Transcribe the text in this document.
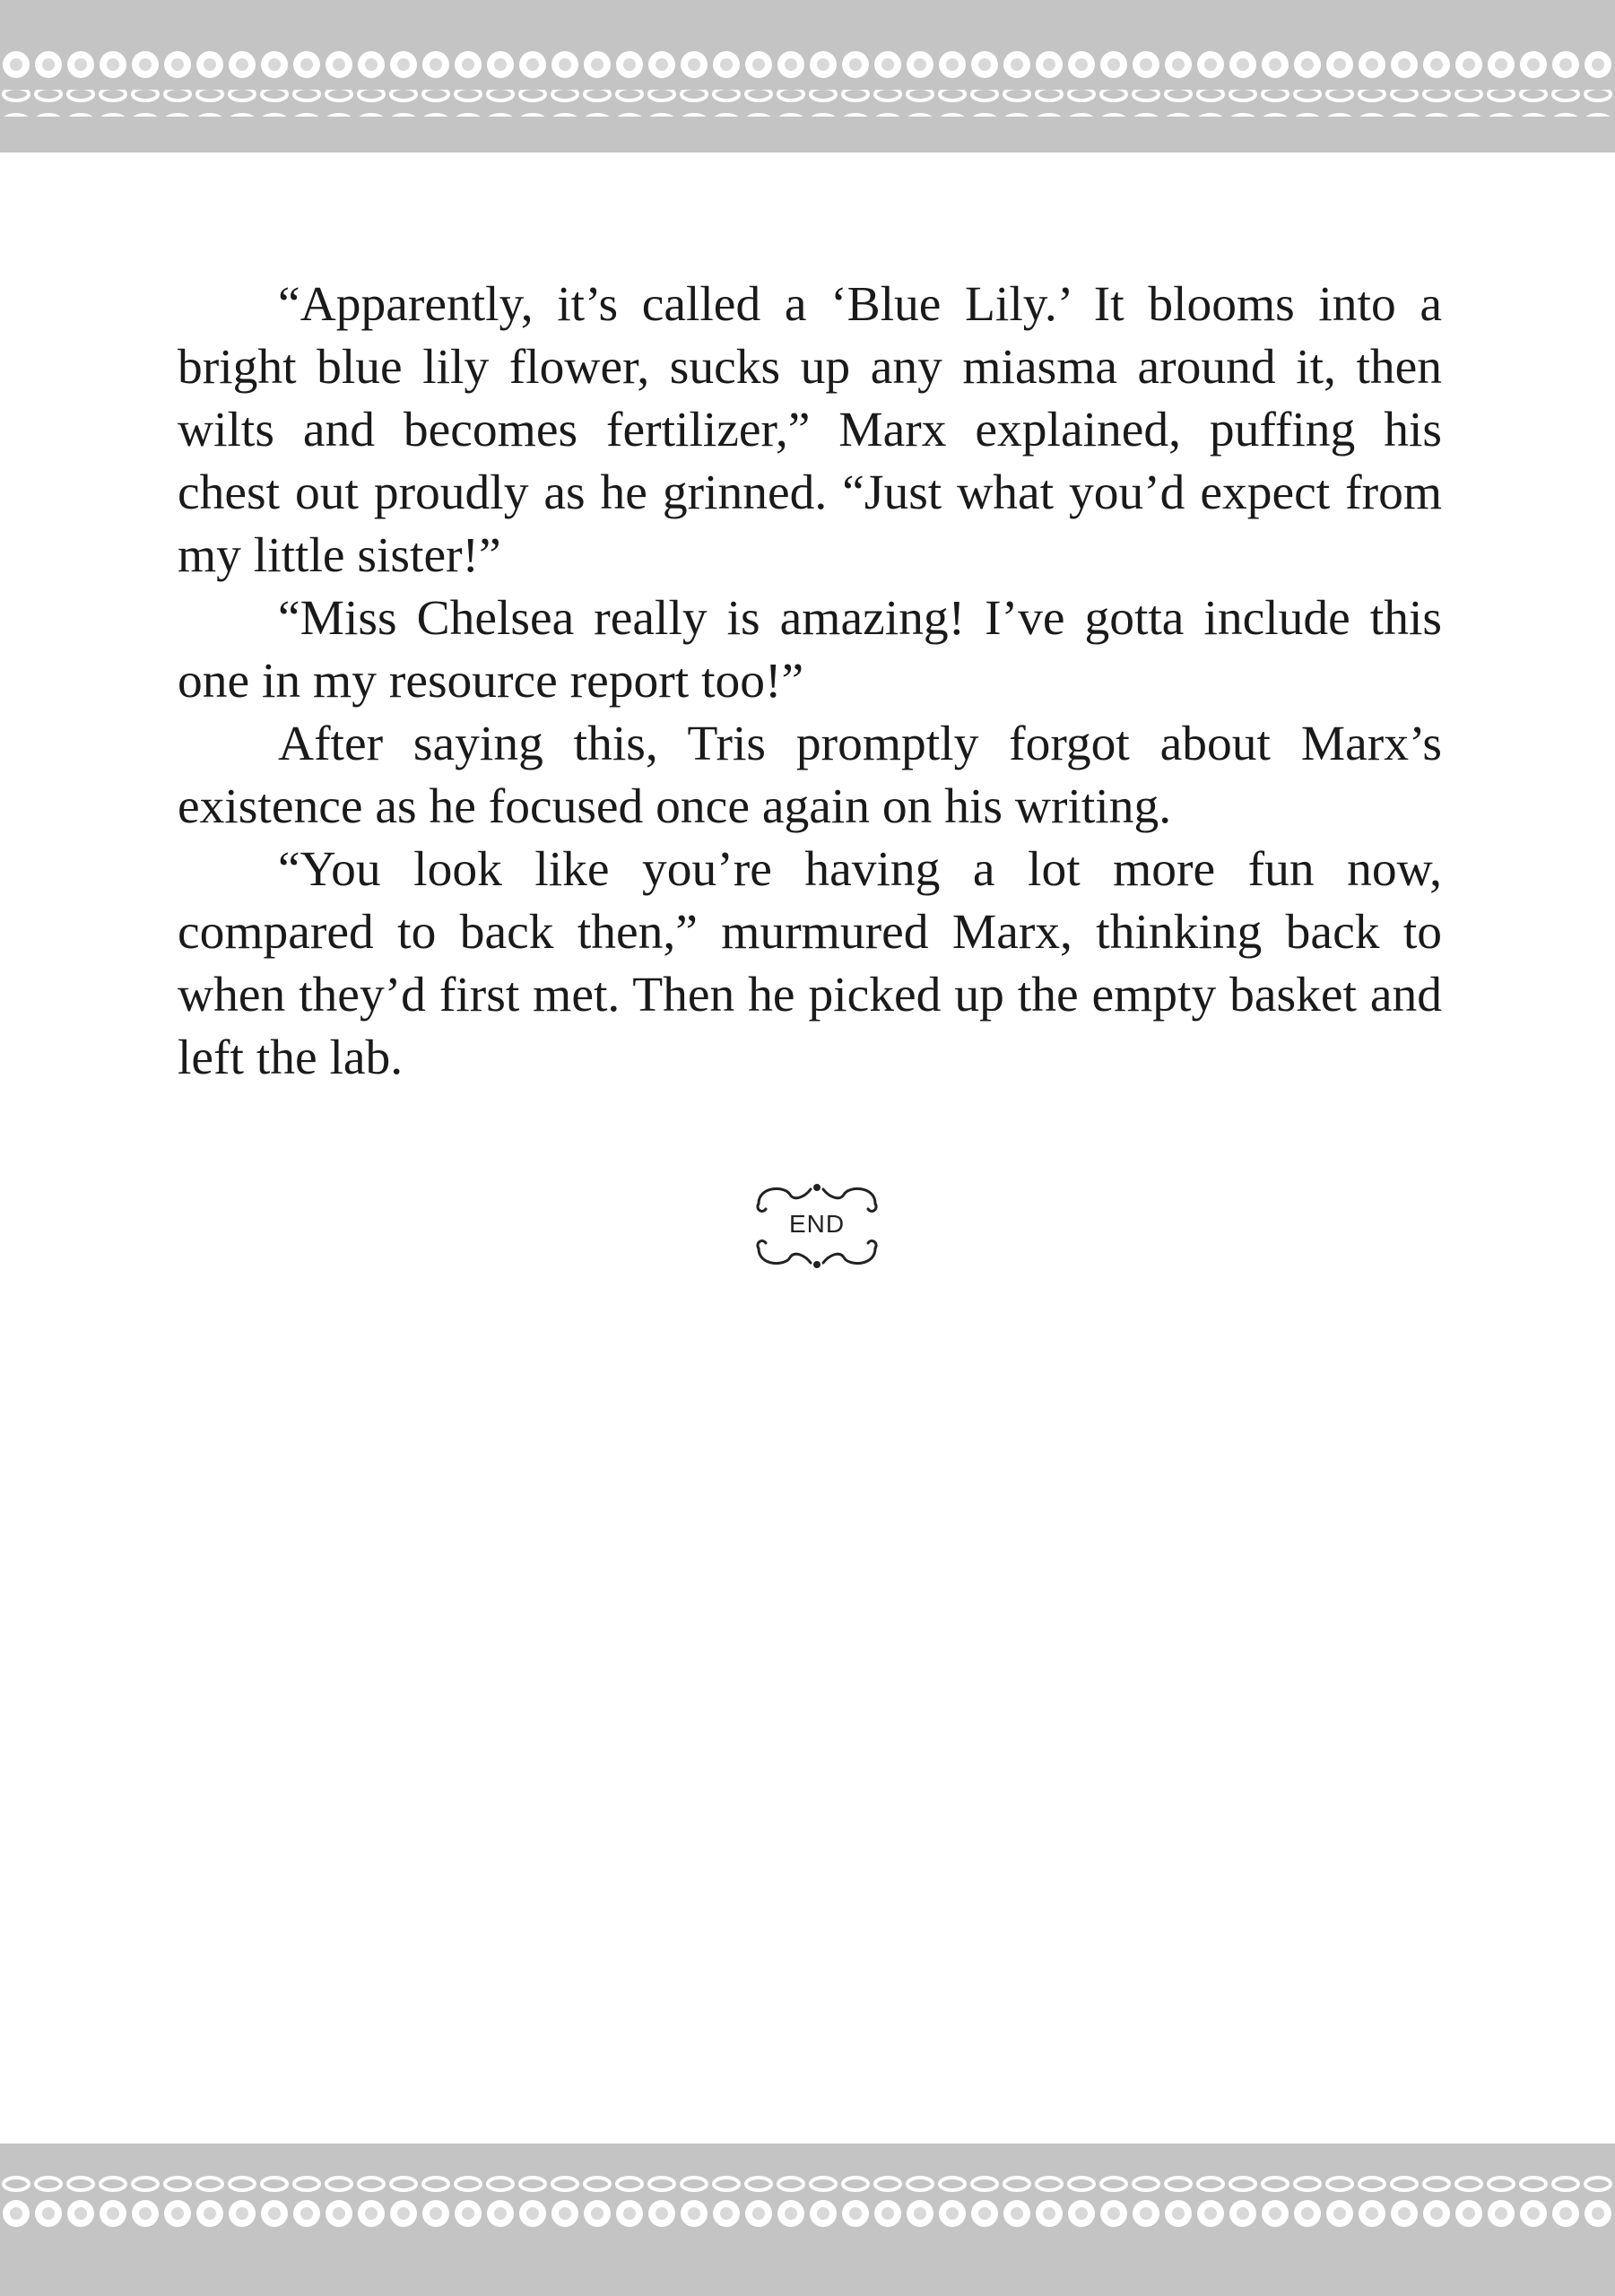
“Apparently, it’s called a ‘Blue Lily.’ It blooms into a bright blue lily flower, sucks up any miasma around it, then wilts and becomes fertilizer,” Marx explained, puffing his chest out proudly as he grinned. “Just what you’d expect from my little sister!”

“Miss Chelsea really is amazing! I’ve gotta include this one in my resource report too!”

After saying this, Tris promptly forgot about Marx’s existence as he focused once again on his writing.

“You look like you’re having a lot more fun now, compared to back then,” murmured Marx, thinking back to when they’d first met. Then he picked up the empty basket and left the lab.

END
